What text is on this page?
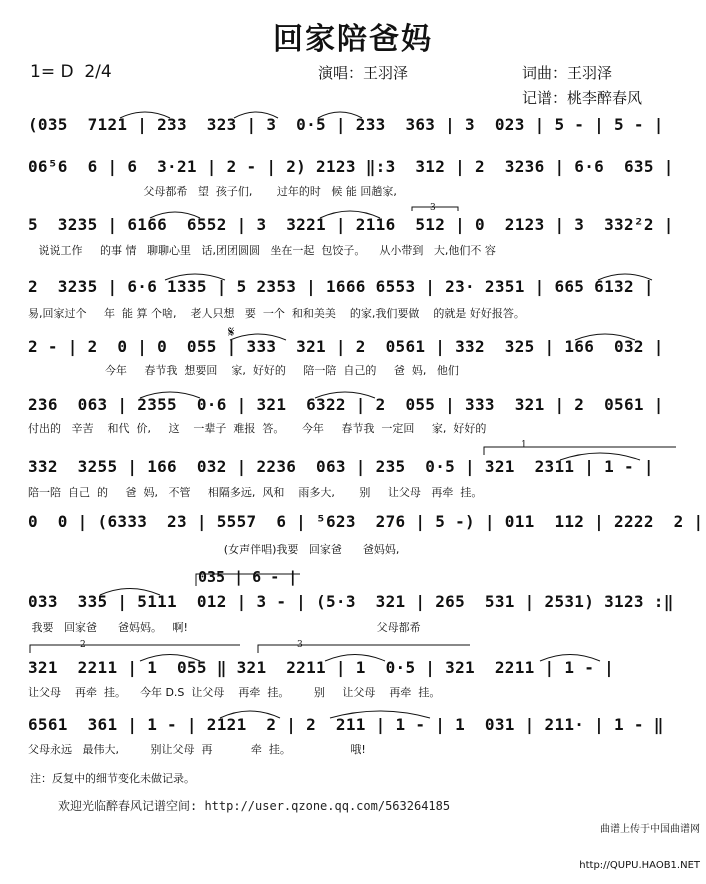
回家陪爸妈
1= D  2/4	演唱：王羽泽	词曲：王羽泽
记谱：桃李醉春风
(035  7121 | 233  323 | 3  0·5 | 233  363 | 3  023 | 5 - | 5 - |
06⁵6  6 | 6  3·21 | 2 - | 2) 2123 ‖:3  312 | 2  3236 | 6·6  635 |
父母都希   望  孩子们,       过年的时   候 能 回趟家,
5  3235 | 6166  6552 | 3  3221 | 2116  512 | 0  2123 | 3  332²2 |
说说工作     的事 情   聊聊心里   话,团团圆圆   坐在一起  包饺子。    从小带到   大,他们不 容
2  3235 | 6·6 1335 | 5 2353 | 1666 6553 | 23· 2351 | 665 6132 |
易,回家过个     年  能 算 个啥,    老人只想   要  一个  和和美美    的家,我们要做    的就是 好好报答。
2 - | 2  0 | 0  055 | 333  321 | 2  0561 | 332  325 | 166  032 |
今年     春节我  想要回    家,  好好的     陪一陪  自己的     爸  妈,   他们
236  063 | 2355  0·6 | 321  6322 | 2  055 | 333  321 | 2  0561 |
付出的   辛苦    和代  价,     这    一辈子  难报  答。     今年     春节我  一定回     家,  好好的
332  3255 | 166  032 | 2236  063 | 235  0·5 | 321  2311 | 1 - |
陪一陪  自己  的     爸  妈,   不管     相隔多远,  风和    雨多大,       别     让父母   再牵  挂。
0  0 | (6333  23 | 5557  6 | ⁵623  276 | 5 -) | 011  112 | 2222  2 |
(女声伴唱)我要   回家爸      爸妈妈,
035 | 6 - |
033  335 | 5111  012 | 3 - | (5·3  321 | 265  531 | 2531) 3123 :‖
我要   回家爸      爸妈妈。   啊!                                                      父母都希
321  2211 | 1  055 ‖ 321  2211 | 1  0·5 | 321  2211 | 1 - |
让父母    再牵  挂。    今年 D.S  让父母    再牵  挂。       别     让父母    再牵  挂。
6561  361 | 1 - | 2121  2 | 2  211 | 1 - | 1  031 | 211· | 1 - ‖
父母永远   最伟大,         别让父母  再           牵  挂。                 哦!
1
2	3
3
𝄋
注：反复中的细节变化未做记录。
欢迎光临醉春风记谱空间: http://user.qzone.qq.com/563264185

曲谱上传于中国曲谱网

http://QUPU.HAOB1.NET
